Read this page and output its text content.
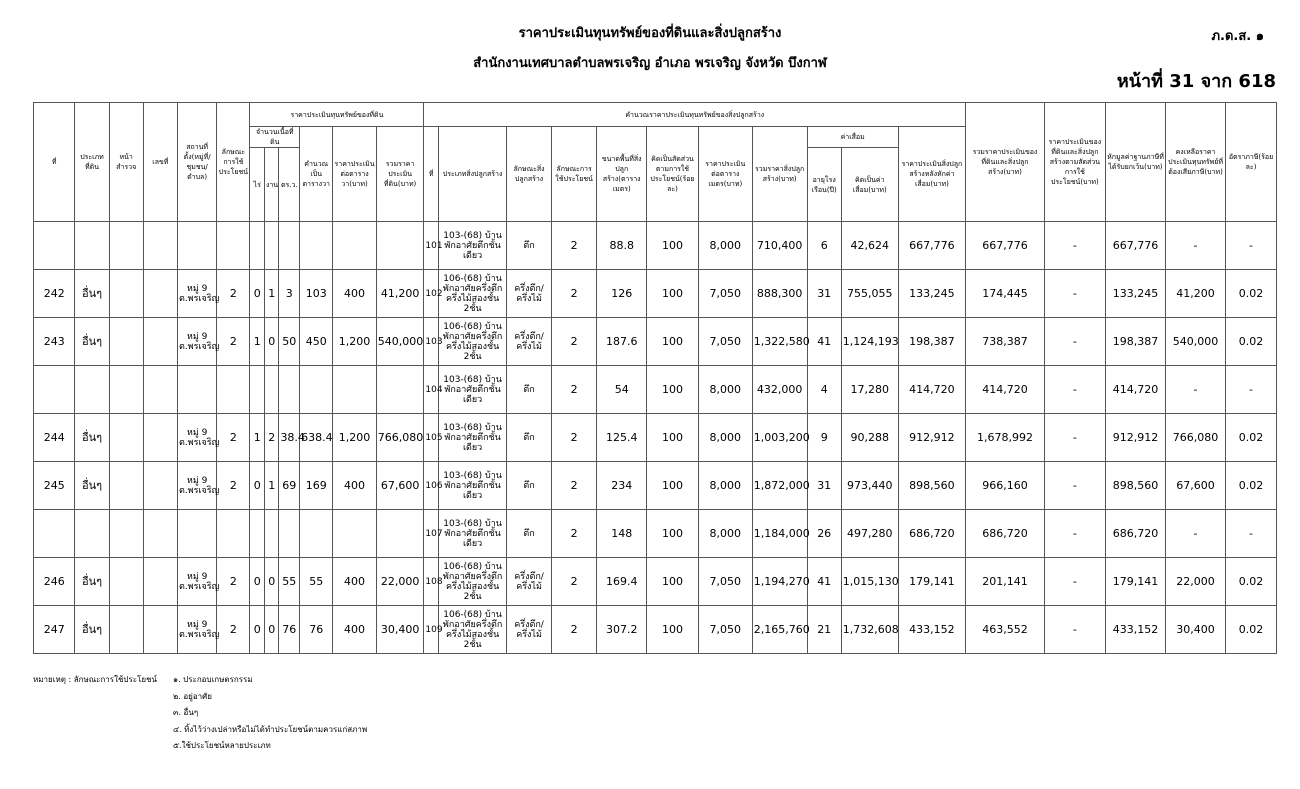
ราคาประเมินทุนทรัพย์ของที่ดินและสิ่งปลูกสร้าง
สำนักงานเทศบาลตำบลพรเจริญ อำเภอ พรเจริญ จังหวัด บึงกาฬ
ภ.ด.ส. ๑
หน้าที่ 31 จาก 618
ที่	ประเภทที่ดิน	หน้าสำรวจ	เลขที่	สถานที่ตั้ง(หมู่ที่/ชุมชน/ตำบล)	ลักษณะการใช้ประโยชน์	ราคาประเมินทุนทรัพย์ของที่ดิน						คำนวณราคาประเมินทุนทรัพย์ของสิ่งปลูกสร้าง											รวมราคาประเมินของที่ดินและสิ่งปลูกสร้าง(บาท)	ราคาประเมินของที่ดินและสิ่งปลูกสร้างตามสัดส่วนการใช้ประโยชน์(บาท)	หักมูลค่าฐานภาษีที่ได้รับยกเว้น(บาท)	คงเหลือราคาประเมินทุนทรัพย์ที่ต้องเสียภาษี(บาท)	อัตราภาษี(ร้อยละ)
						จำนวนเนื้อที่ดิน			คำนวณเป็นตารางวา	ราคาประเมินต่อตารางวา(บาท)	รวมราคาประเมินที่ดิน(บาท)	ที่	ประเภทสิ่งปลูกสร้าง	ลักษณะสิ่งปลูกสร้าง	ลักษณะการใช้ประโยชน์	ขนาดพื้นที่สิ่งปลูกสร้าง(ตารางเมตร)	คิดเป็นสัดส่วนตามการใช้ประโยชน์(ร้อยละ)	ราคาประเมินต่อตารางเมตร(บาท)	รวมราคาสิ่งปลูกสร้าง(บาท)	ค่าเสื่อม		ราคาประเมินสิ่งปลูกสร้างหลังหักค่าเสื่อม(บาท)					
						ไร่	งาน	ตร.ว.												อายุโรงเรือน(ปี)	คิดเป็นค่าเสื่อม(บาท)						
												101	103-(68) บ้านพักอาศัยตึกชั้นเดียว	ตึก	2	88.8	100	8,000	710,400	6	42,624	667,776	667,776	-	667,776	-	-
242	อื่นๆ			หมู่ 9 ต.พรเจริญ	2	0	1	3	103	400	41,200	102	106-(68) บ้านพักอาศัยครึ่งตึกครึ่งไม้สองชั้น 2ชั้น	ครึ่งตึก/ครึ่งไม้	2	126	100	7,050	888,300	31	755,055	133,245	174,445	-	133,245	41,200	0.02
243	อื่นๆ			หมู่ 9 ต.พรเจริญ	2	1	0	50	450	1,200	540,000	103	106-(68) บ้านพักอาศัยครึ่งตึกครึ่งไม้สองชั้น 2ชั้น	ครึ่งตึก/ครึ่งไม้	2	187.6	100	7,050	1,322,580	41	1,124,193	198,387	738,387	-	198,387	540,000	0.02
												104	103-(68) บ้านพักอาศัยตึกชั้นเดียว	ตึก	2	54	100	8,000	432,000	4	17,280	414,720	414,720	-	414,720	-	-
244	อื่นๆ			หมู่ 9 ต.พรเจริญ	2	1	2	38.4	638.4	1,200	766,080	105	103-(68) บ้านพักอาศัยตึกชั้นเดียว	ตึก	2	125.4	100	8,000	1,003,200	9	90,288	912,912	1,678,992	-	912,912	766,080	0.02
245	อื่นๆ			หมู่ 9 ต.พรเจริญ	2	0	1	69	169	400	67,600	106	103-(68) บ้านพักอาศัยตึกชั้นเดียว	ตึก	2	234	100	8,000	1,872,000	31	973,440	898,560	966,160	-	898,560	67,600	0.02
												107	103-(68) บ้านพักอาศัยตึกชั้นเดียว	ตึก	2	148	100	8,000	1,184,000	26	497,280	686,720	686,720	-	686,720	-	-
246	อื่นๆ			หมู่ 9 ต.พรเจริญ	2	0	0	55	55	400	22,000	108	106-(68) บ้านพักอาศัยครึ่งตึกครึ่งไม้สองชั้น 2ชั้น	ครึ่งตึก/ครึ่งไม้	2	169.4	100	7,050	1,194,270	41	1,015,130	179,141	201,141	-	179,141	22,000	0.02
247	อื่นๆ			หมู่ 9 ต.พรเจริญ	2	0	0	76	76	400	30,400	109	106-(68) บ้านพักอาศัยครึ่งตึกครึ่งไม้สองชั้น 2ชั้น	ครึ่งตึก/ครึ่งไม้	2	307.2	100	7,050	2,165,760	21	1,732,608	433,152	463,552	-	433,152	30,400	0.02
หมายเหตุ : ลักษณะการใช้ประโยชน์ ๑. ประกอบเกษตรกรรม
๒. อยู่อาศัย
๓. อื่นๆ
๔. ทิ้งไว้ว่างเปล่าหรือไม่ได้ทำประโยชน์ตามควรแก่สภาพ
๕.ใช้ประโยชน์หลายประเภท
